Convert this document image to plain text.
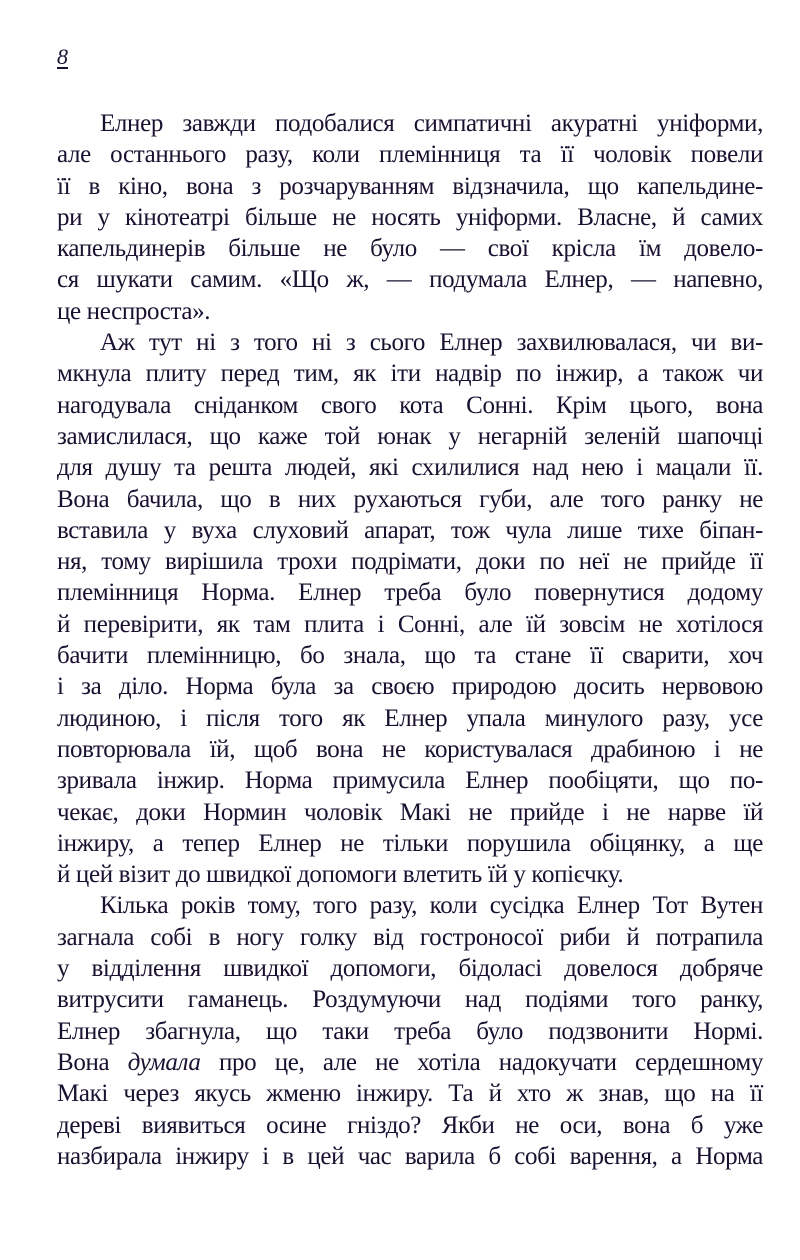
8
Елнер завжди подобалися симпатичні акуратні уніформи,
але останнього разу, коли племінниця та її чоловік повели
її в кіно, вона з розчаруванням відзначила, що капельдине-
ри у кінотеатрі більше не носять уніформи. Власне, й самих
капельдинерів більше не було — свої крісла їм довело-
ся шукати самим. «Що ж, — подумала Елнер, — напевно,
це неспроста».
Аж тут ні з того ні з сього Елнер захвилювалася, чи ви-
мкнула плиту перед тим, як іти надвір по інжир, а також чи
нагодувала сніданком свого кота Сонні. Крім цього, вона
замислилася, що каже той юнак у негарній зеленій шапочці
для душу та решта людей, які схилилися над нею і мацали її.
Вона бачила, що в них рухаються губи, але того ранку не
вставила у вуха слуховий апарат, тож чула лише тихе біпан-
ня, тому вирішила трохи подрімати, доки по неї не прийде її
племінниця Норма. Елнер треба було повернутися додому
й перевірити, як там плита і Сонні, але їй зовсім не хотілося
бачити племінницю, бо знала, що та стане її сварити, хоч
і за діло. Норма була за своєю природою досить нервовою
людиною, і після того як Елнер упала минулого разу, усе
повторювала їй, щоб вона не користувалася драбиною і не
зривала інжир. Норма примусила Елнер пообіцяти, що по-
чекає, доки Нормин чоловік Макі не прийде і не нарве їй
інжиру, а тепер Елнер не тільки порушила обіцянку, а ще
й цей візит до швидкої допомоги влетить їй у копієчку.
Кілька років тому, того разу, коли сусідка Елнер Тот Вутен
загнала собі в ногу голку від гостроносої риби й потрапила
у відділення швидкої допомоги, бідоласі довелося добряче
витрусити гаманець. Роздумуючи над подіями того ранку,
Елнер збагнула, що таки треба було подзвонити Нормі.
Вона думала про це, але не хотіла надокучати сердешному
Макі через якусь жменю інжиру. Та й хто ж знав, що на її
дереві виявиться осине гніздо? Якби не оси, вона б уже
назбирала інжиру і в цей час варила б собі варення, а Норма
